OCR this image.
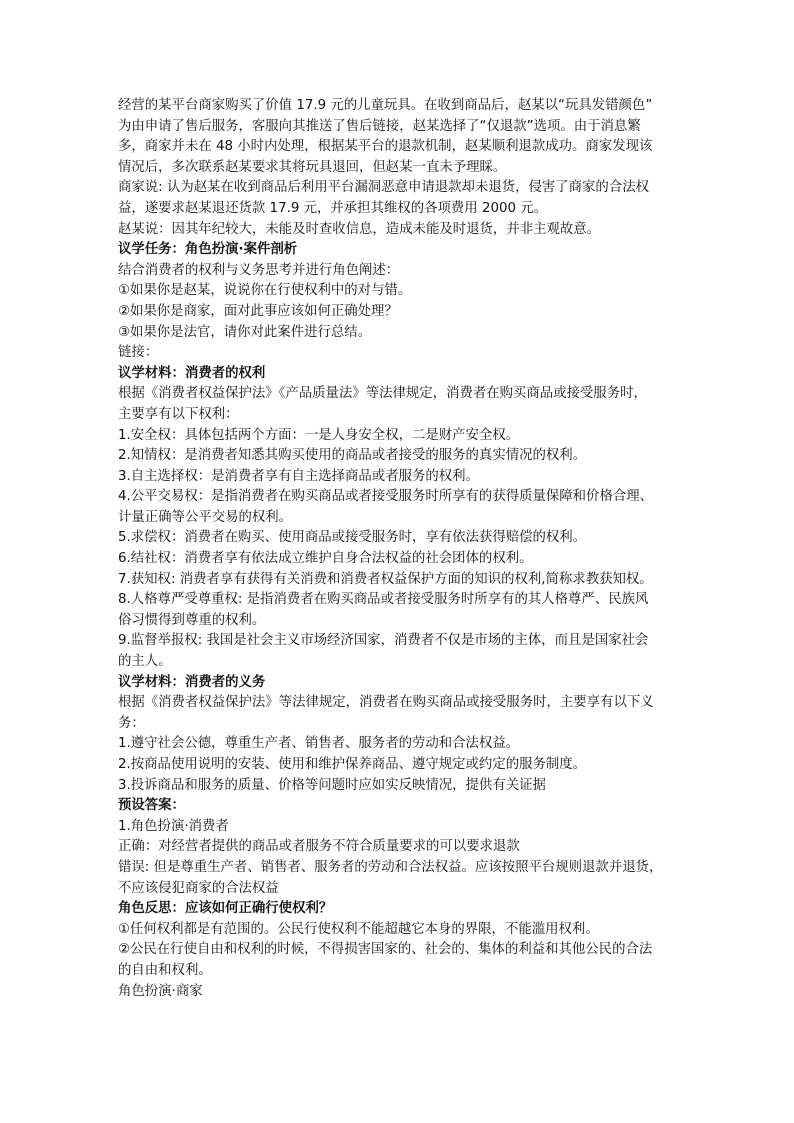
经营的某平台商家购买了价值 17.9 元的儿童玩具。在收到商品后，赵某以“玩具发错颜色”

为由申请了售后服务，客服向其推送了售后链接，赵某选择了“仅退款”选项。由于消息繁

多，商家并未在 48 小时内处理，根据某平台的退款机制，赵某顺利退款成功。商家发现该

情况后，多次联系赵某要求其将玩具退回，但赵某一直未予理睬。

商家说: 认为赵某在收到商品后利用平台漏洞恶意申请退款却未退货，侵害了商家的合法权

益，遂要求赵某退还货款 17.9 元，并承担其维权的各项费用 2000 元。

赵某说：因其年纪较大，未能及时查收信息，造成未能及时退货，并非主观故意。

议学任务：角色扮演·案件剖析

结合消费者的权利与义务思考并进行角色阐述：

①如果你是赵某，说说你在行使权利中的对与错。

②如果你是商家，面对此事应该如何正确处理？

③如果你是法官，请你对此案件进行总结。

链接：

议学材料：消费者的权利

根据《消费者权益保护法》《产品质量法》等法律规定，消费者在购买商品或接受服务时，

主要享有以下权利：

1.安全权：具体包括两个方面：一是人身安全权，二是财产安全权。

2.知情权：是消费者知悉其购买使用的商品或者接受的服务的真实情况的权利。

3.自主选择权：是消费者享有自主选择商品或者服务的权利。

4.公平交易权：是指消费者在购买商品或者接受服务时所享有的获得质量保障和价格合理、

计量正确等公平交易的权利。

5.求偿权：消费者在购买、使用商品或接受服务时，享有依法获得赔偿的权利。

6.结社权：消费者享有依法成立维护自身合法权益的社会团体的权利。

7.获知权: 消费者享有获得有关消费和消费者权益保护方面的知识的权利,简称求教获知权。

8.人格尊严受尊重权: 是指消费者在购买商品或者接受服务时所享有的其人格尊严、民族风

俗习惯得到尊重的权利。

9.监督举报权: 我国是社会主义市场经济国家，消费者不仅是市场的主体，而且是国家社会

的主人。

议学材料：消费者的义务

根据《消费者权益保护法》等法律规定，消费者在购买商品或接受服务时，主要享有以下义

务：

1.遵守社会公德，尊重生产者、销售者、服务者的劳动和合法权益。

2.按商品使用说明的安装、使用和维护保养商品、遵守规定或约定的服务制度。

3.投诉商品和服务的质量、价格等问题时应如实反映情况，提供有关证据

预设答案：

1.角色扮演·消费者

正确：对经营者提供的商品或者服务不符合质量要求的可以要求退款

错误: 但是尊重生产者、销售者、服务者的劳动和合法权益。应该按照平台规则退款并退货，

不应该侵犯商家的合法权益

角色反思：应该如何正确行使权利？

①任何权利都是有范围的。公民行使权利不能超越它本身的界限，不能滥用权利。

②公民在行使自由和权利的时候，不得损害国家的、社会的、集体的利益和其他公民的合法

的自由和权利。

角色扮演·商家
